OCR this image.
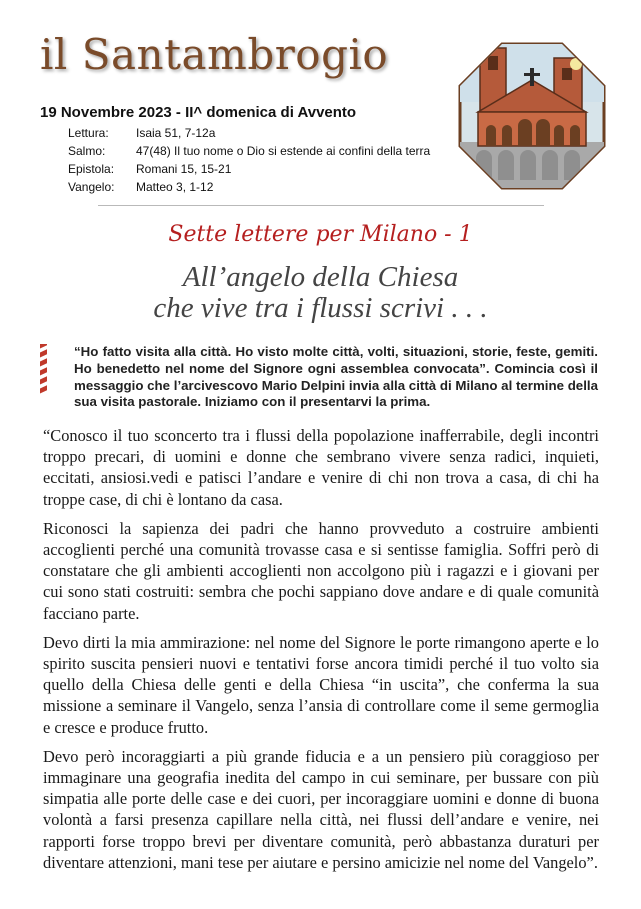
il Santambrogio
19 Novembre 2023 - II^ domenica di Avvento
Lettura:	Isaia 51, 7-12a
Salmo:	47(48) Il tuo nome o Dio si estende ai confini della terra
Epistola:	Romani 15, 15-21
Vangelo:	Matteo 3, 1-12
Sette lettere per Milano - 1
All’angelo della Chiesa
che vive tra i flussi scrivi . . .
“Ho fatto visita alla città. Ho visto molte città, volti, situazioni, storie, feste, gemiti. Ho benedetto nel nome del Signore ogni assemblea convocata”. Comincia così il messaggio che l’arcivescovo Mario Delpini invia alla città di Milano al termine della sua visita pastorale. Iniziamo con il presentarvi la prima.

“Conosco il tuo sconcerto tra i flussi della popolazione inafferrabile, degli incontri troppo precari, di uomini e donne che sembrano vivere senza radici, inquieti, eccitati, ansiosi.vedi e patisci l’andare e venire di chi non trova a casa, di chi ha troppe case, di chi è lontano da casa.

Riconosci la sapienza dei padri che hanno provveduto a costruire ambienti accoglienti perché una comunità trovasse casa e si sentisse famiglia. Soffri però di constatare che gli ambienti accoglienti non accolgono più i ragazzi e i giovani per cui sono stati costruiti: sembra che pochi sappiano dove andare e di quale comunità facciano parte.

Devo dirti la mia ammirazione: nel nome del Signore le porte rimangono aperte e lo spirito suscita pensieri nuovi e tentativi forse ancora timidi perché il tuo volto sia quello della Chiesa delle genti e della Chiesa “in uscita”, che conferma la sua missione a seminare il Vangelo, senza l’ansia di controllare come il seme germoglia e cresce e produce frutto.

Devo però incoraggiarti a più grande fiducia e a un pensiero più coraggioso per immaginare una geografia inedita del campo in cui seminare, per bussare con più simpatia alle porte delle case e dei cuori, per incoraggiare uomini e donne di buona volontà a farsi presenza capillare nella città, nei flussi dell’andare e venire, nei rapporti forse troppo brevi per diventare comunità, però abbastanza duraturi per diventare attenzioni, mani tese per aiutare e persino amicizie nel nome del Vangelo”.
